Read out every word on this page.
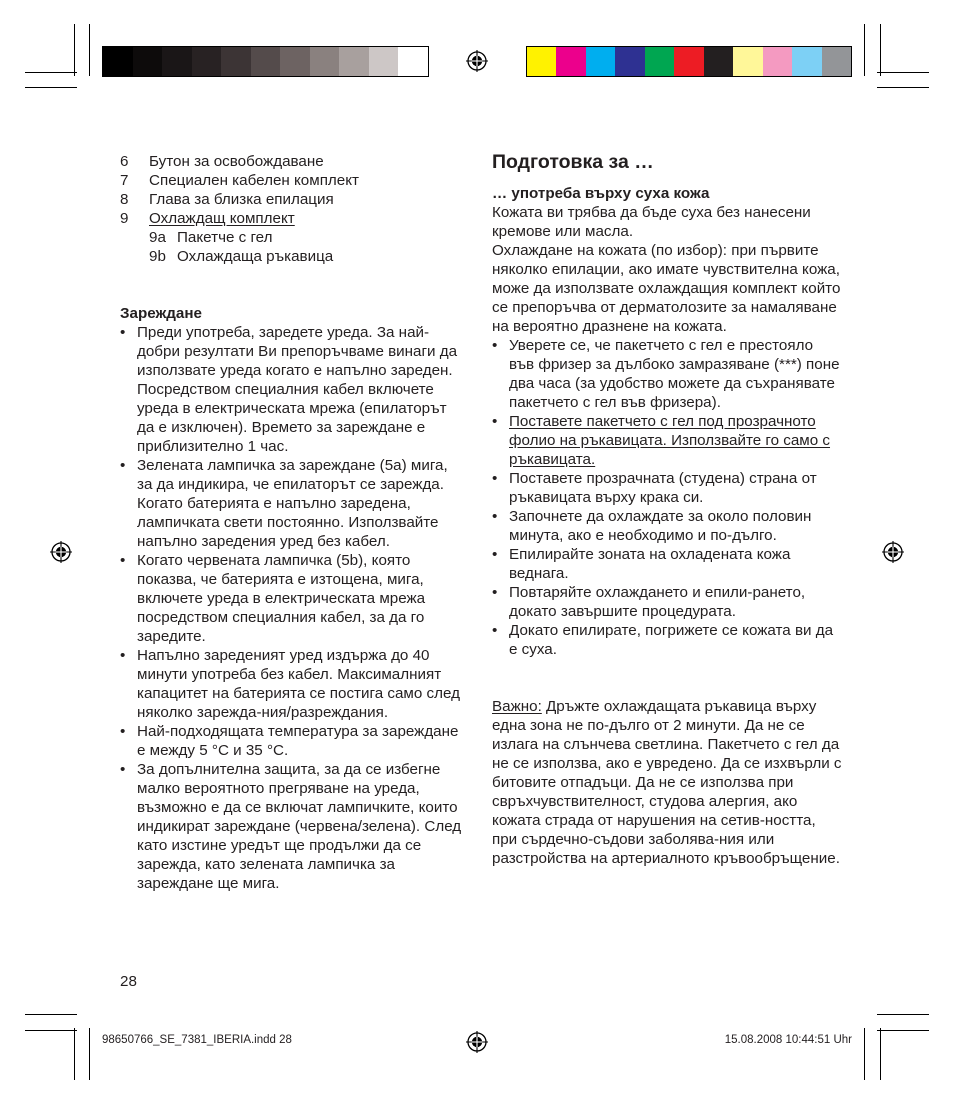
6	Бутон за освобождаване
7	Специален кабелен комплект
8	Глава за близка епилация
9	Охлаждащ комплект
9a Пакетче с гел
9b Охлаждаща ръкавица
Зареждане
• Преди употреба, заредете уреда. За най-добри резултати Ви препоръчваме винаги да използвате уреда когато е напълно зареден. Посредством специалния кабел включете уреда в електрическата мрежа (епилаторът да е изключен). Времето за зареждане е приблизително 1 час.
• Зелената лампичка за зареждане (5a) мига, за да индикира, че епилаторът се зарежда. Когато батерията е напълно заредена, лампичката свети постоянно. Използвайте напълно заредения уред без кабел.
• Когато червената лампичка (5b), която показва, че батерията е изтощена, мига, включете уреда в електрическата мрежа посредством специалния кабел, за да го заредите.
• Напълно зареденият уред издържа до 40 минути употреба без кабел. Максималният капацитет на батерията се постига само след няколко зарежда-ния/разреждания.
• Най-подходящата температура за зареждане е между 5 °C и 35 °C.
• За допълнителна защита, за да се избегне малко вероятното прегряване на уреда, възможно е да се включат лампичките, които индикират зареждане (червена/зелена). След като изстине уредът ще продължи да се зарежда, като зелената лампичка за зареждане ще мига.
28
Подготовка за …
… употреба върху суха кожа

Кожата ви трябва да бъде суха без нанесени кремове или масла.

Охлаждане на кожата (по избор): при първите няколко епилации, ако имате чувствителна кожа, може да използвате охлаждащия комплект който се препоръчва от дерматолозите за намаляване на вероятно дразнене на кожата.

• Уверете се, че пакетчето с гел е престояло във фризер за дълбоко замразяване (***) поне два часа (за удобство можете да съхранявате пакетчето с гел във фризера).
• Поставете пакетчето с гел под прозрачното фолио на ръкавицата. Използвайте го само с ръкавицата.
• Поставете прозрачната (студена) страна от ръкавицата върху крака си.
• Започнете да охлаждате за около половин минута, ако е необходимо и по-дълго.
• Епилирайте зоната на охладената кожа веднага.
• Повтаряйте охлаждането и епили-рането, докато завършите процедурата.
• Докато епилирате, погрижете се кожата ви да е суха.

Важно: Дръжте охлаждащата ръкавица върху една зона не по-дълго от 2 минути. Да не се излага на слънчева светлина. Пакетчето с гел да не се използва, ако е увредено. Да се изхвърли с битовите отпадъци. Да не се използва при свръхчувствителност, студова алергия, ако кожата страда от нарушения на сетив-ността, при сърдечно-съдови заболява-ния или разстройства на артериалното кръвообръщение.

98650766_SE_7381_IBERIA.indd 28	15.08.2008 10:44:51 Uhr
